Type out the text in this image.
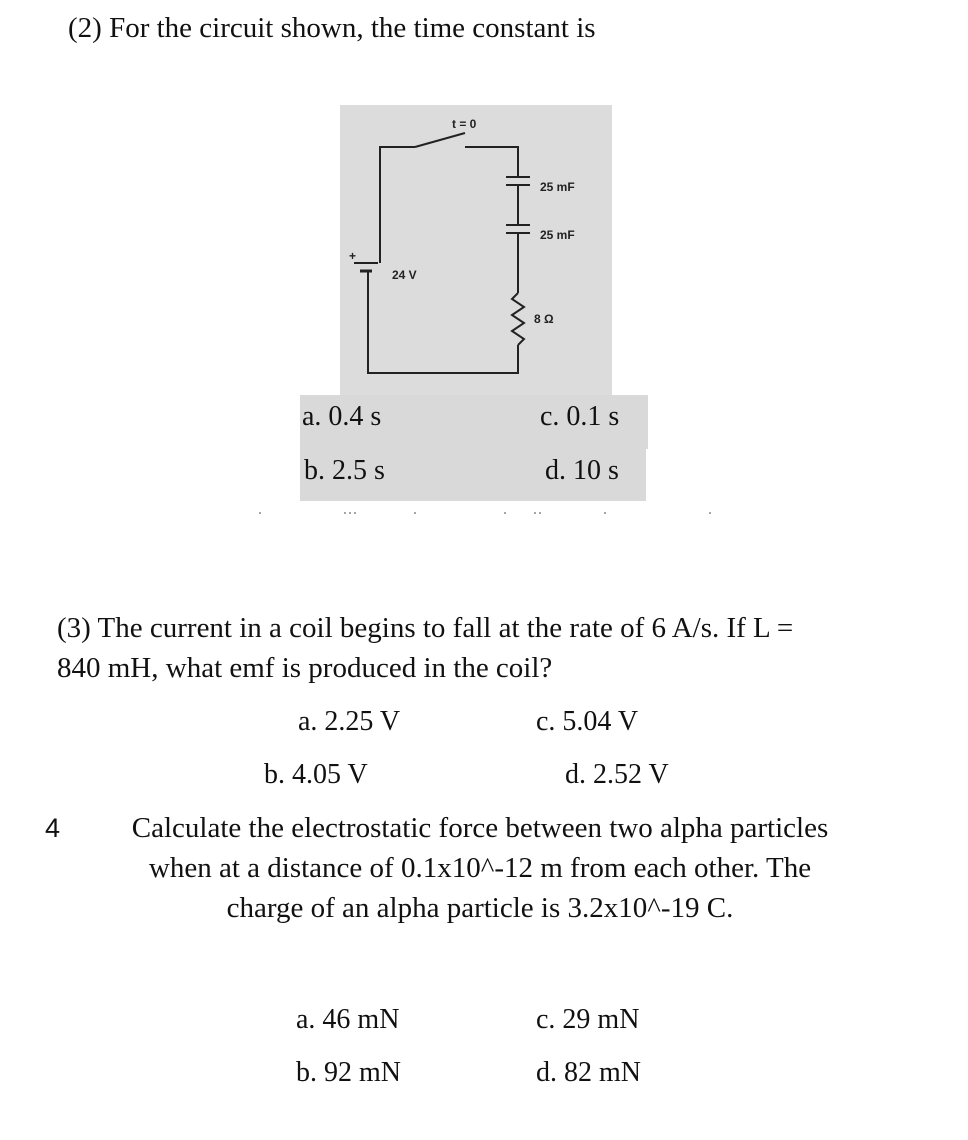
(2) For the circuit shown, the time constant is
+
t = 0
24 V
25 mF
25 mF
8 Ω
a. 0.4 s
b. 2.5 s
c. 0.1 s
d. 10 s
(3) The current in a coil begins to fall at the rate of 6 A/s. If L =
840 mH, what emf is produced in the coil?
a. 2.25 V
b. 4.05 V
c. 5.04 V
d. 2.52 V
4	Calculate the electrostatic force between two alpha particles
when at a distance of 0.1x10^-12 m from each other. The
charge of an alpha particle is 3.2x10^-19 C.
a. 46 mN
b. 92 mN
c. 29 mN
d. 82 mN
